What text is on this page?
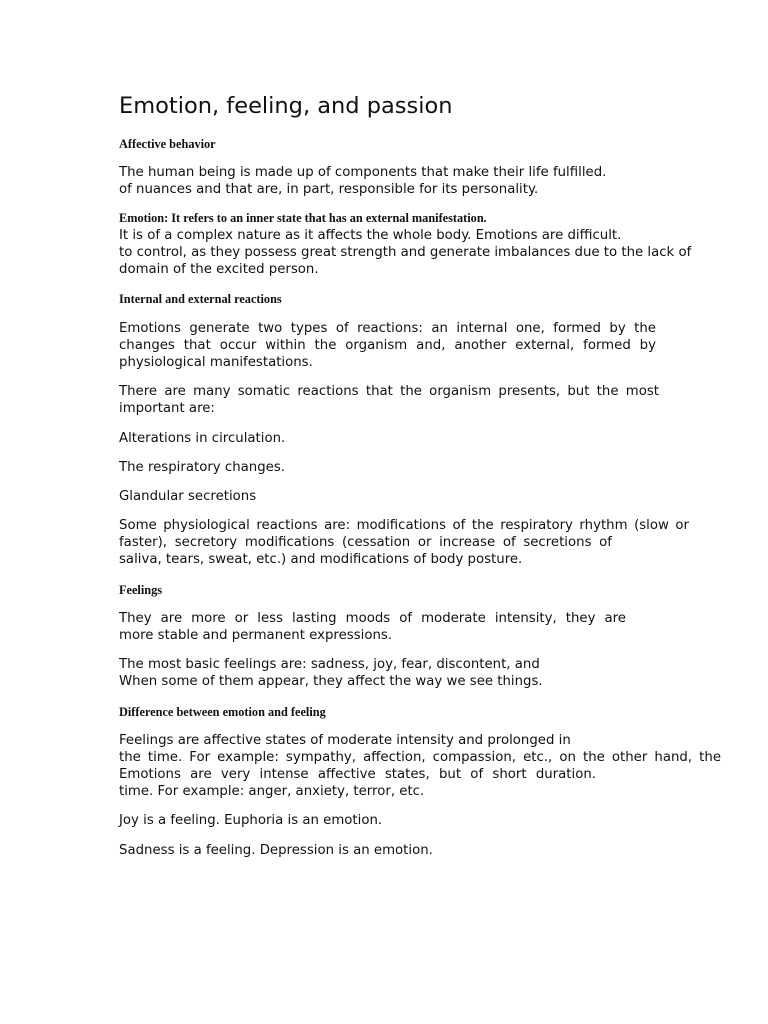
Emotion, feeling, and passion
Affective behavior
The human being is made up of components that make their life fulfilled.
of nuances and that are, in part, responsible for its personality.
Emotion: It refers to an inner state that has an external manifestation.
It is of a complex nature as it affects the whole body. Emotions are difficult.
to control, as they possess great strength and generate imbalances due to the lack of
domain of the excited person.
Internal and external reactions
Emotions generate two types of reactions: an internal one, formed by the
changes that occur within the organism and, another external, formed by
physiological manifestations.
There are many somatic reactions that the organism presents, but the most
important are:
Alterations in circulation.
The respiratory changes.
Glandular secretions
Some physiological reactions are: modifications of the respiratory rhythm (slow or
faster), secretory modifications (cessation or increase of secretions of
saliva, tears, sweat, etc.) and modifications of body posture.
Feelings
They are more or less lasting moods of moderate intensity, they are
more stable and permanent expressions.
The most basic feelings are: sadness, joy, fear, discontent, and
When some of them appear, they affect the way we see things.
Difference between emotion and feeling
Feelings are affective states of moderate intensity and prolonged in
the time. For example: sympathy, affection, compassion, etc., on the other hand, the
Emotions are very intense affective states, but of short duration.
time. For example: anger, anxiety, terror, etc.
Joy is a feeling. Euphoria is an emotion.
Sadness is a feeling. Depression is an emotion.
